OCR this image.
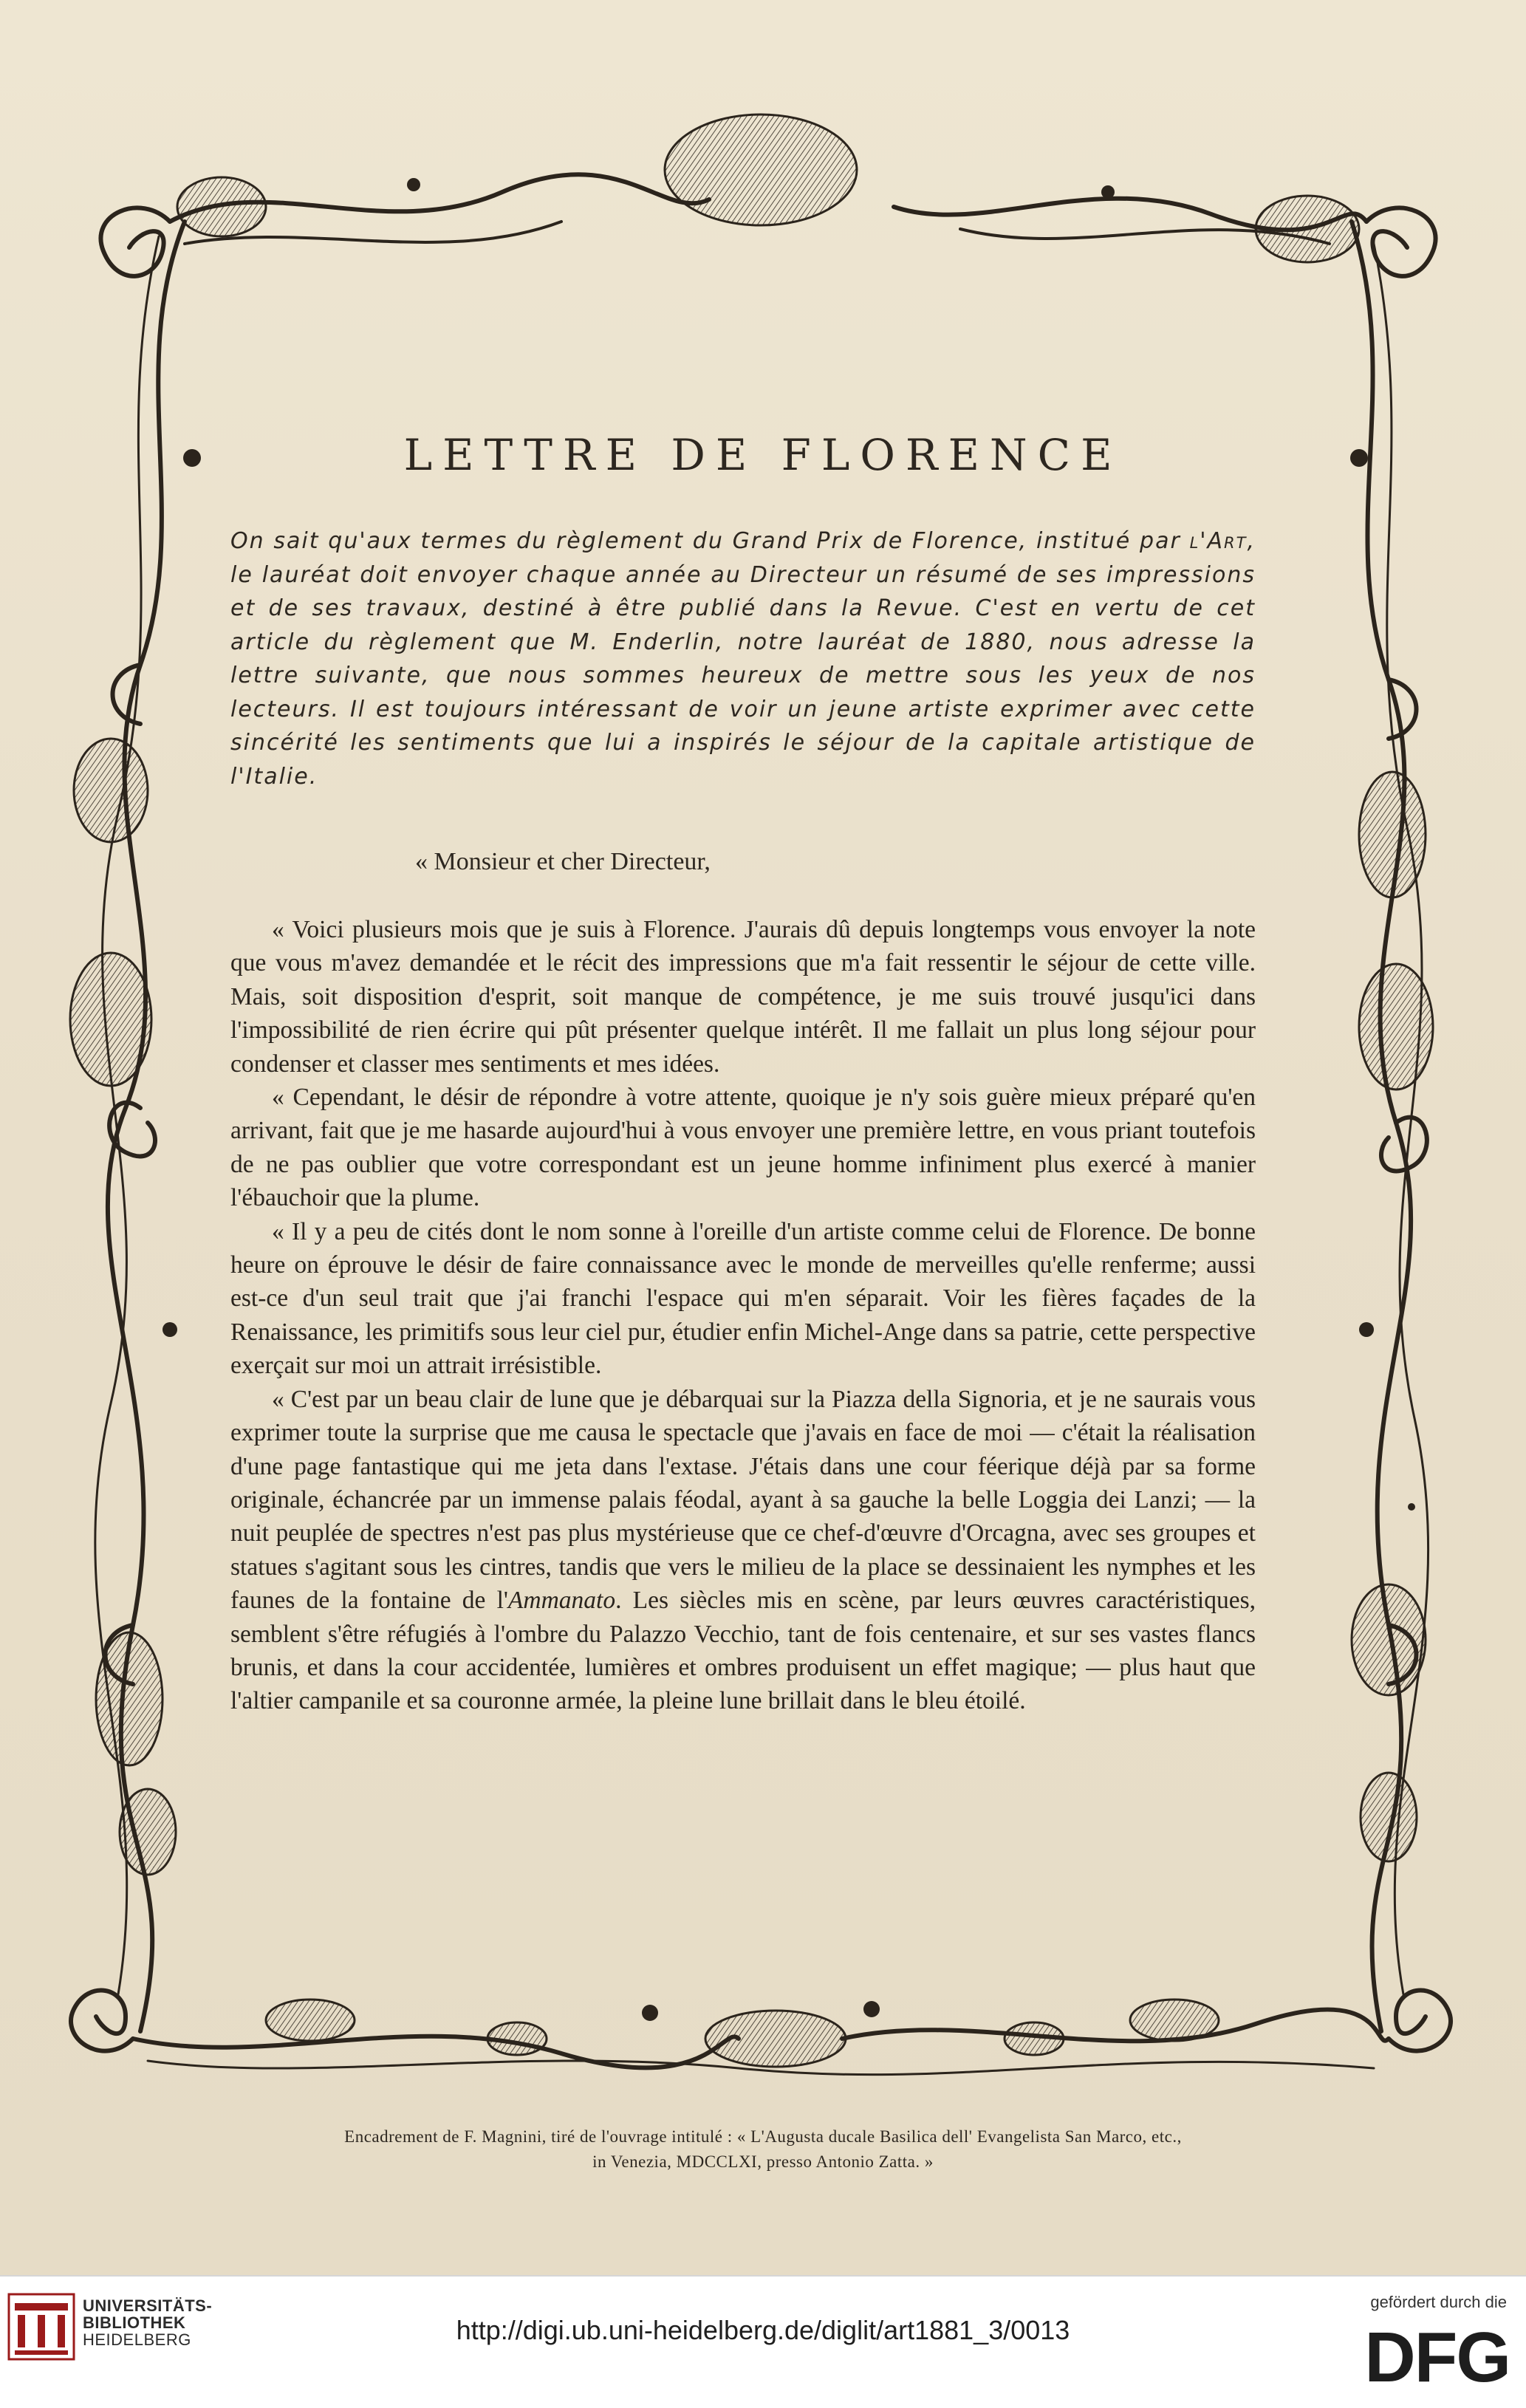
LETTRE DE FLORENCE
On sait qu'aux termes du règlement du Grand Prix de Florence, institué par l'Art, le lauréat doit envoyer chaque année au Directeur un résumé de ses impressions et de ses travaux, destiné à être publié dans la Revue. C'est en vertu de cet article du règlement que M. Enderlin, notre lauréat de 1880, nous adresse la lettre suivante, que nous sommes heureux de mettre sous les yeux de nos lecteurs. Il est toujours intéressant de voir un jeune artiste exprimer avec cette sincérité les sentiments que lui a inspirés le séjour de la capitale artistique de l'Italie.
« Monsieur et cher Directeur,

« Voici plusieurs mois que je suis à Florence. J'aurais dû depuis longtemps vous envoyer la note que vous m'avez demandée et le récit des impressions que m'a fait ressentir le séjour de cette ville. Mais, soit disposition d'esprit, soit manque de compétence, je me suis trouvé jusqu'ici dans l'impossibilité de rien écrire qui pût présenter quelque intérêt. Il me fallait un plus long séjour pour condenser et classer mes sentiments et mes idées.

« Cependant, le désir de répondre à votre attente, quoique je n'y sois guère mieux préparé qu'en arrivant, fait que je me hasarde aujourd'hui à vous envoyer une première lettre, en vous priant toutefois de ne pas oublier que votre correspondant est un jeune homme infiniment plus exercé à manier l'ébauchoir que la plume.

« Il y a peu de cités dont le nom sonne à l'oreille d'un artiste comme celui de Florence. De bonne heure on éprouve le désir de faire connaissance avec le monde de merveilles qu'elle renferme; aussi est-ce d'un seul trait que j'ai franchi l'espace qui m'en séparait. Voir les fières façades de la Renaissance, les primitifs sous leur ciel pur, étudier enfin Michel-Ange dans sa patrie, cette perspective exerçait sur moi un attrait irrésistible.

« C'est par un beau clair de lune que je débarquai sur la Piazza della Signoria, et je ne saurais vous exprimer toute la surprise que me causa le spectacle que j'avais en face de moi — c'était la réalisation d'une page fantastique qui me jeta dans l'extase. J'étais dans une cour féerique déjà par sa forme originale, échancrée par un immense palais féodal, ayant à sa gauche la belle Loggia dei Lanzi; — la nuit peuplée de spectres n'est pas plus mystérieuse que ce chef-d'œuvre d'Orcagna, avec ses groupes et statues s'agitant sous les cintres, tandis que vers le milieu de la place se dessinaient les nymphes et les faunes de la fontaine de l'Ammanato. Les siècles mis en scène, par leurs œuvres caractéristiques, semblent s'être réfugiés à l'ombre du Palazzo Vecchio, tant de fois centenaire, et sur ses vastes flancs brunis, et dans la cour accidentée, lumières et ombres produisent un effet magique; — plus haut que l'altier campanile et sa couronne armée, la pleine lune brillait dans le bleu étoilé.

Encadrement de F. Magnini, tiré de l'ouvrage intitulé : « L'Augusta ducale Basilica dell' Evangelista San Marco, etc.,
in Venezia, MDCCLXI, presso Antonio Zatta. »
UNIVERSITÄTS-
BIBLIOTHEK
HEIDELBERG	http://digi.ub.uni-heidelberg.de/diglit/art1881_3/0013
gefördert durch die
DFG
